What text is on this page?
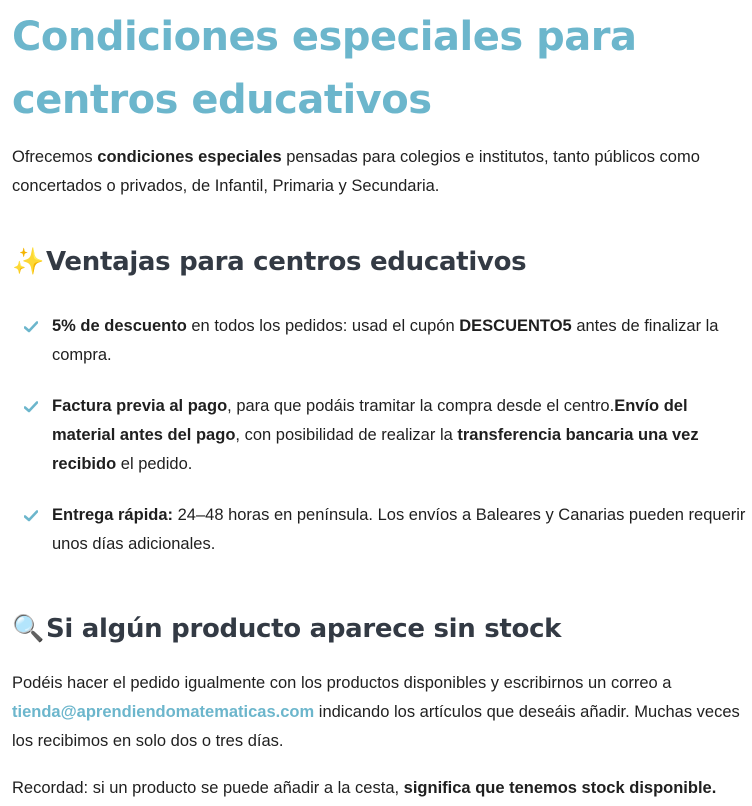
Condiciones especiales para centros educativos

Ofrecemos condiciones especiales pensadas para colegios e institutos, tanto públicos como concertados o privados, de Infantil, Primaria y Secundaria.

✨Ventajas para centros educativos
5% de descuento en todos los pedidos: usad el cupón DESCUENTO5 antes de finalizar la compra.
Factura previa al pago, para que podáis tramitar la compra desde el centro.Envío del material antes del pago, con posibilidad de realizar la transferencia bancaria una vez recibido el pedido.
Entrega rápida: 24–48 horas en península. Los envíos a Baleares y Canarias pueden requerir unos días adicionales.
🔍Si algún producto aparece sin stock

Podéis hacer el pedido igualmente con los productos disponibles y escribirnos un correo a tienda@aprendiendomatematicas.com indicando los artículos que deseáis añadir. Muchas veces los recibimos en solo dos o tres días.

Recordad: si un producto se puede añadir a la cesta, significa que tenemos stock disponible.
